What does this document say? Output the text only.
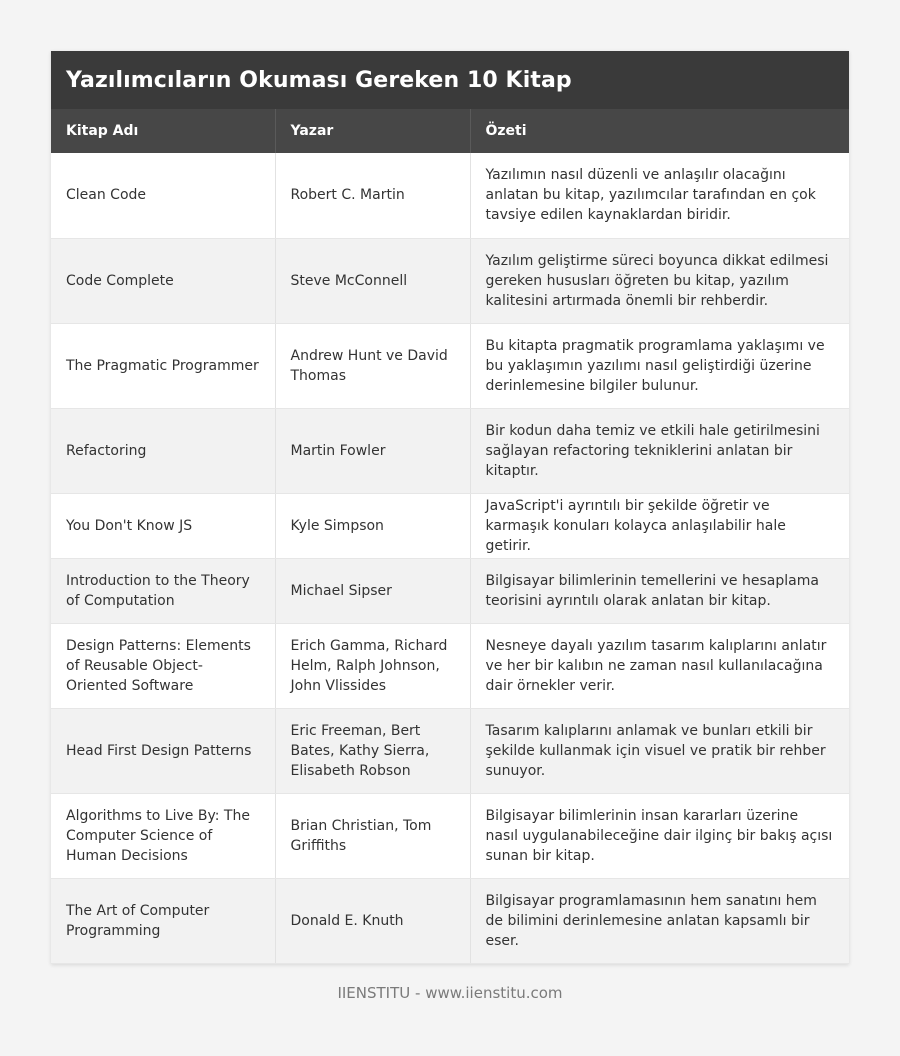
Yazılımcıların Okuması Gereken 10 Kitap
Kitap Adı	Yazar	Özeti
Clean Code	Robert C. Martin	Yazılımın nasıl düzenli ve anlaşılır olacağını anlatan bu kitap, yazılımcılar tarafından en çok tavsiye edilen kaynaklardan biridir.
Code Complete	Steve McConnell	Yazılım geliştirme süreci boyunca dikkat edilmesi gereken hususları öğreten bu kitap, yazılım kalitesini artırmada önemli bir rehberdir.
The Pragmatic Programmer	Andrew Hunt ve David Thomas	Bu kitapta pragmatik programlama yaklaşımı ve bu yaklaşımın yazılımı nasıl geliştirdiği üzerine derinlemesine bilgiler bulunur.
Refactoring	Martin Fowler	Bir kodun daha temiz ve etkili hale getirilmesini sağlayan refactoring tekniklerini anlatan bir kitaptır.
You Don't Know JS	Kyle Simpson	JavaScript'i ayrıntılı bir şekilde öğretir ve karmaşık konuları kolayca anlaşılabilir hale getirir.
Introduction to the Theory of Computation	Michael Sipser	Bilgisayar bilimlerinin temellerini ve hesaplama teorisini ayrıntılı olarak anlatan bir kitap.
Design Patterns: Elements of Reusable Object-Oriented Software	Erich Gamma, Richard Helm, Ralph Johnson, John Vlissides	Nesneye dayalı yazılım tasarım kalıplarını anlatır ve her bir kalıbın ne zaman nasıl kullanılacağına dair örnekler verir.
Head First Design Patterns	Eric Freeman, Bert Bates, Kathy Sierra, Elisabeth Robson	Tasarım kalıplarını anlamak ve bunları etkili bir şekilde kullanmak için visuel ve pratik bir rehber sunuyor.
Algorithms to Live By: The Computer Science of Human Decisions	Brian Christian, Tom Griffiths	Bilgisayar bilimlerinin insan kararları üzerine nasıl uygulanabileceğine dair ilginç bir bakış açısı sunan bir kitap.
The Art of Computer Programming	Donald E. Knuth	Bilgisayar programlamasının hem sanatını hem de bilimini derinlemesine anlatan kapsamlı bir eser.
IIENSTITU - www.iienstitu.com
